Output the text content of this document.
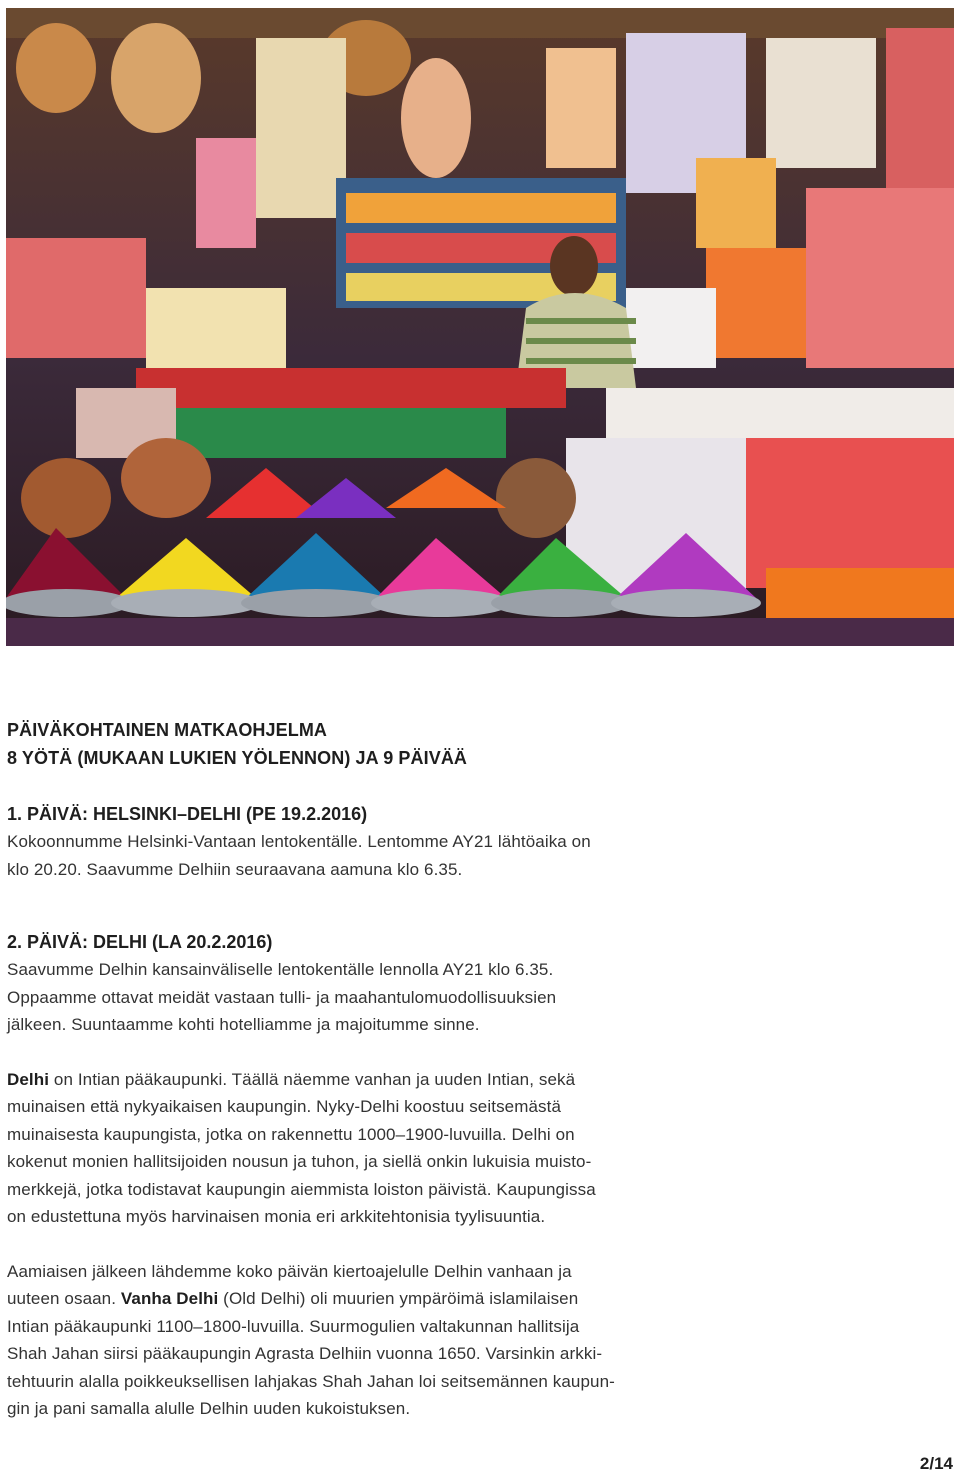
PÄIVÄKOHTAINEN MATKAOHJELMA
8 YÖTÄ (MUKAAN LUKIEN YÖLENNON) JA 9 PÄIVÄÄ
1. PÄIVÄ: HELSINKI–DELHI (PE 19.2.2016)

Kokoonnumme Helsinki-Vantaan lentokentälle. Lentomme AY21 lähtöaika on
klo 20.20. Saavumme Delhiin seuraavana aamuna klo 6.35.

2. PÄIVÄ: DELHI (LA 20.2.2016)

Saavumme Delhin kansainväliselle lentokentälle lennolla AY21 klo 6.35.
Oppaamme ottavat meidät vastaan tulli- ja maahantulomuodollisuuksien
jälkeen. Suuntaamme kohti hotelliamme ja majoitumme sinne.

Delhi on Intian pääkaupunki. Täällä näemme vanhan ja uuden Intian, sekä
muinaisen että nykyaikaisen kaupungin. Nyky-Delhi koostuu seitsemästä
muinaisesta kaupungista, jotka on rakennettu 1000–1900-luvuilla. Delhi on
kokenut monien hallitsijoiden nousun ja tuhon, ja siellä onkin lukuisia muisto-
merkkejä, jotka todistavat kaupungin aiemmista loiston päivistä. Kaupungissa
on edustettuna myös harvinaisen monia eri arkkitehtonisia tyylisuuntia.

Aamiaisen jälkeen lähdemme koko päivän kiertoajelulle Delhin vanhaan ja
uuteen osaan. Vanha Delhi (Old Delhi) oli muurien ympäröimä islamilaisen
Intian pääkaupunki 1100–1800-luvuilla. Suurmogulien valtakunnan hallitsija
Shah Jahan siirsi pääkaupungin Agrasta Delhiin vuonna 1650. Varsinkin arkki-
tehtuurin alalla poikkeuksellisen lahjakas Shah Jahan loi seitsemännen kaupun-
gin ja pani samalla alulle Delhin uuden kukoistuksen.

2/14
